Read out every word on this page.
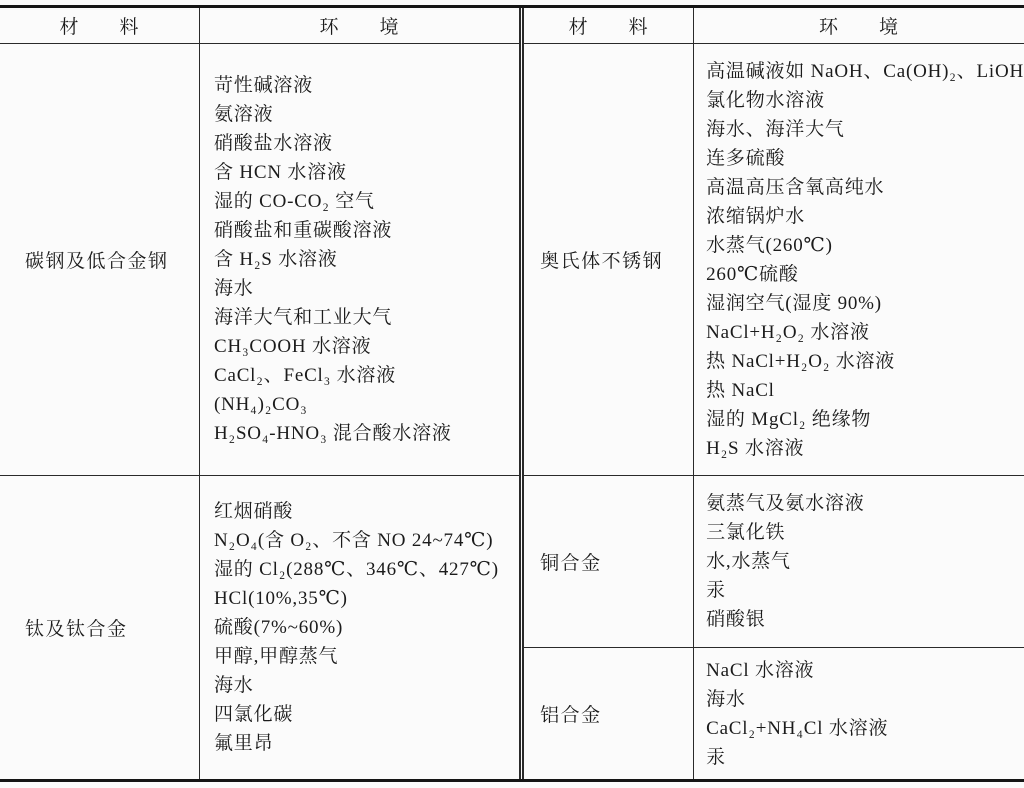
材　　料	环　　境
碳钢及低合金钢
苛性碱溶液
氨溶液
硝酸盐水溶液
含 HCN 水溶液
湿的 CO-CO₂ 空气
硝酸盐和重碳酸溶液
含 H₂S 水溶液
海水
海洋大气和工业大气
CH₃COOH 水溶液
CaCl₂、FeCl₃ 水溶液
(NH₄)₂CO₃
H₂SO₄-HNO₃ 混合酸水溶液
钛及钛合金
红烟硝酸
N₂O₄(含 O₂、不含 NO 24~74℃)
湿的 Cl₂(288℃、346℃、427℃)
HCl(10%,35℃)
硫酸(7%~60%)
甲醇,甲醇蒸气
海水
四氯化碳
氟里昂
材　　料	环　　境
奥氏体不锈钢
高温碱液如 NaOH、Ca(OH)₂、LiOH
氯化物水溶液
海水、海洋大气
连多硫酸
高温高压含氧高纯水
浓缩锅炉水
水蒸气(260℃)
260℃硫酸
湿润空气(湿度 90%)
NaCl+H₂O₂ 水溶液
热 NaCl+H₂O₂ 水溶液
热 NaCl
湿的 MgCl₂ 绝缘物
H₂S 水溶液
铜合金
氨蒸气及氨水溶液
三氯化铁
水,水蒸气
汞
硝酸银
铝合金
NaCl 水溶液
海水
CaCl₂+NH₄Cl 水溶液
汞
